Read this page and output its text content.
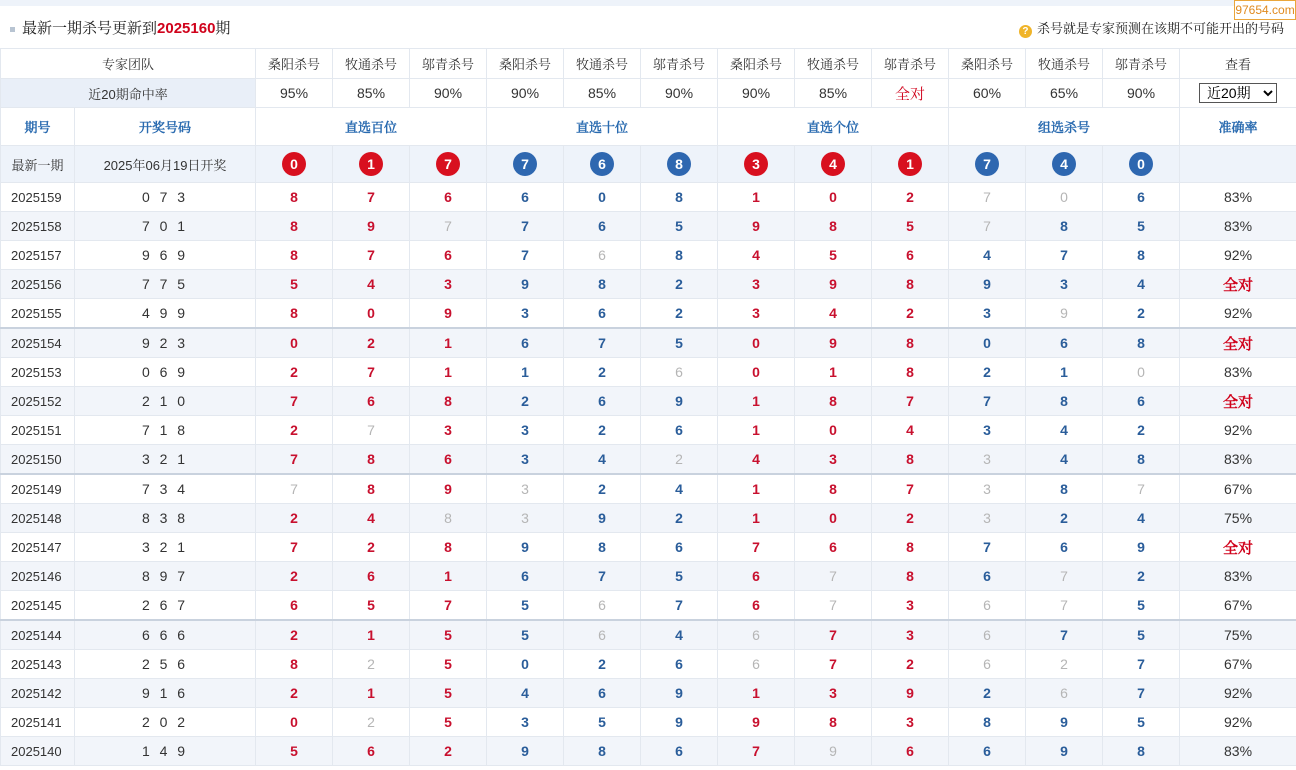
97654.com
最新一期杀号更新到2025160期	? 杀号就是专家预测在该期不可能开出的号码
专家团队		桑阳杀号	牧通杀号	邬青杀号	桑阳杀号	牧通杀号	邬青杀号	桑阳杀号	牧通杀号	邬青杀号	桑阳杀号	牧通杀号	邬青杀号	查看
近20期命中率		95%	85%	90%	90%	85%	90%	90%	85%	全对	60%	65%	90%	
近20期
期号	开奖号码	直选百位			直选十位			直选个位			组选杀号			准确率
最新一期	2025年06月19日开奖	0	1	7	7	6	8	3	4	1	7	4	0	
2025159	0 7 3	8	7	6	6	0	8	1	0	2	7	0	6	83%
2025158	7 0 1	8	9	7	7	6	5	9	8	5	7	8	5	83%
2025157	9 6 9	8	7	6	7	6	8	4	5	6	4	7	8	92%
2025156	7 7 5	5	4	3	9	8	2	3	9	8	9	3	4	全对
2025155	4 9 9	8	0	9	3	6	2	3	4	2	3	9	2	92%
2025154	9 2 3	0	2	1	6	7	5	0	9	8	0	6	8	全对
2025153	0 6 9	2	7	1	1	2	6	0	1	8	2	1	0	83%
2025152	2 1 0	7	6	8	2	6	9	1	8	7	7	8	6	全对
2025151	7 1 8	2	7	3	3	2	6	1	0	4	3	4	2	92%
2025150	3 2 1	7	8	6	3	4	2	4	3	8	3	4	8	83%
2025149	7 3 4	7	8	9	3	2	4	1	8	7	3	8	7	67%
2025148	8 3 8	2	4	8	3	9	2	1	0	2	3	2	4	75%
2025147	3 2 1	7	2	8	9	8	6	7	6	8	7	6	9	全对
2025146	8 9 7	2	6	1	6	7	5	6	7	8	6	7	2	83%
2025145	2 6 7	6	5	7	5	6	7	6	7	3	6	7	5	67%
2025144	6 6 6	2	1	5	5	6	4	6	7	3	6	7	5	75%
2025143	2 5 6	8	2	5	0	2	6	6	7	2	6	2	7	67%
2025142	9 1 6	2	1	5	4	6	9	1	3	9	2	6	7	92%
2025141	2 0 2	0	2	5	3	5	9	9	8	3	8	9	5	92%
2025140	1 4 9	5	6	2	9	8	6	7	9	6	6	9	8	83%
